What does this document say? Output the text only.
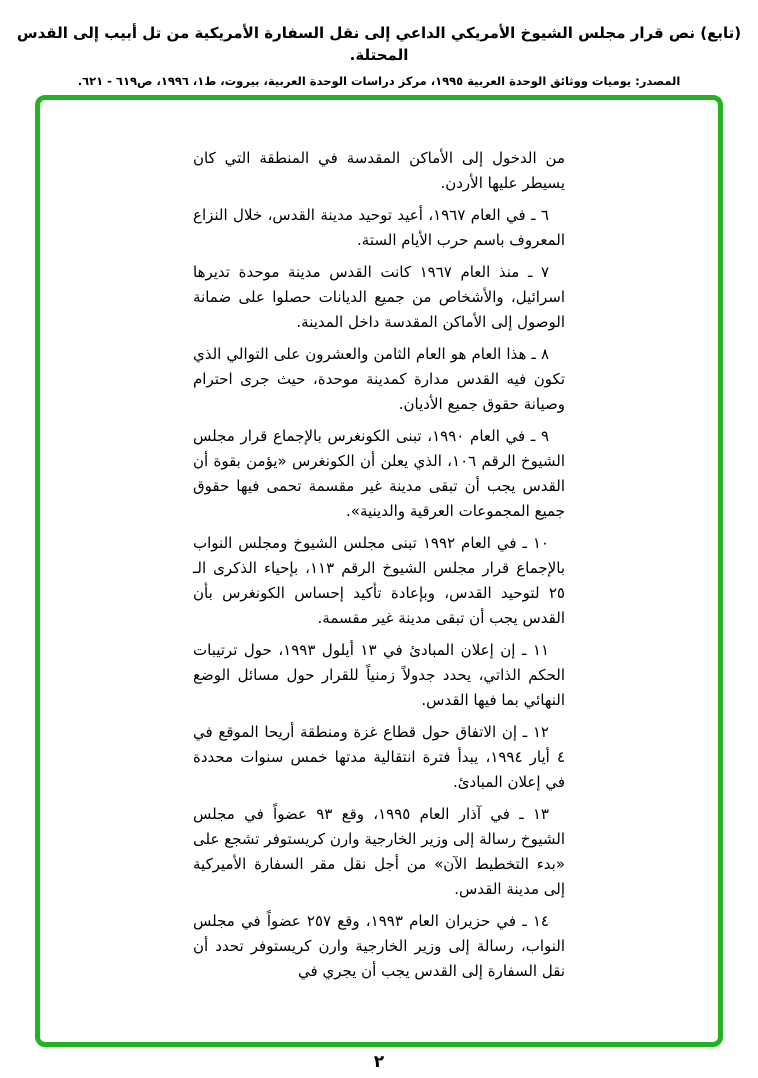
(تابع) نص قرار مجلس الشيوخ الأمريكي الداعي إلى نقل السفارة الأمريكية من تل أبيب إلى القدس المحتلة.
المصدر: يوميات ووثائق الوحدة العربية ١٩٩٥، مركز دراسات الوحدة العربية، بيروت، ط١، ١٩٩٦، ص٦١٩ - ٦٢١.

من الدخول إلى الأماكن المقدسة في المنطقة التي كان يسيطر عليها الأردن.

٦ ـ في العام ١٩٦٧، أعيد توحيد مدينة القدس، خلال النزاع المعروف باسم حرب الأيام الستة.

٧ ـ منذ العام ١٩٦٧ كانت القدس مدينة موحدة تديرها اسرائيل، والأشخاص من جميع الديانات حصلوا على ضمانة الوصول إلى الأماكن المقدسة داخل المدينة.

٨ ـ هذا العام هو العام الثامن والعشرون على التوالي الذي تكون فيه القدس مدارة كمدينة موحدة، حيث جرى احترام وصيانة حقوق جميع الأديان.

٩ ـ في العام ١٩٩٠، تبنى الكونغرس بالإجماع قرار مجلس الشيوخ الرقم ١٠٦، الذي يعلن أن الكونغرس «يؤمن بقوة أن القدس يجب أن تبقى مدينة غير مقسمة تحمى فيها حقوق جميع المجموعات العرقية والدينية».

١٠ ـ في العام ١٩٩٢ تبنى مجلس الشيوخ ومجلس النواب بالإجماع قرار مجلس الشيوخ الرقم ١١٣، بإحياء الذكرى الـ ٢٥ لتوحيد القدس، وبإعادة تأكيد إحساس الكونغرس بأن القدس يجب أن تبقى مدينة غير مقسمة.

١١ ـ إن إعلان المبادئ في ١٣ أيلول ١٩٩٣، حول ترتيبات الحكم الذاتي، يحدد جدولاً زمنياً للقرار حول مسائل الوضع النهائي بما فيها القدس.

١٢ ـ إن الاتفاق حول قطاع غزة ومنطقة أريحا الموقع في ٤ أيار ١٩٩٤، يبدأ فترة انتقالية مدتها خمس سنوات محددة في إعلان المبادئ.

١٣ ـ في آذار العام ١٩٩٥، وقع ٩٣ عضواً في مجلس الشيوخ رسالة إلى وزير الخارجية وارن كريستوفر تشجع على «بدء التخطيط الآن» من أجل نقل مقر السفارة الأميركية إلى مدينة القدس.

١٤ ـ في حزيران العام ١٩٩٣، وقع ٢٥٧ عضواً في مجلس النواب، رسالة إلى وزير الخارجية وارن كريستوفر تحدد أن نقل السفارة إلى القدس يجب أن يجري في

٢
